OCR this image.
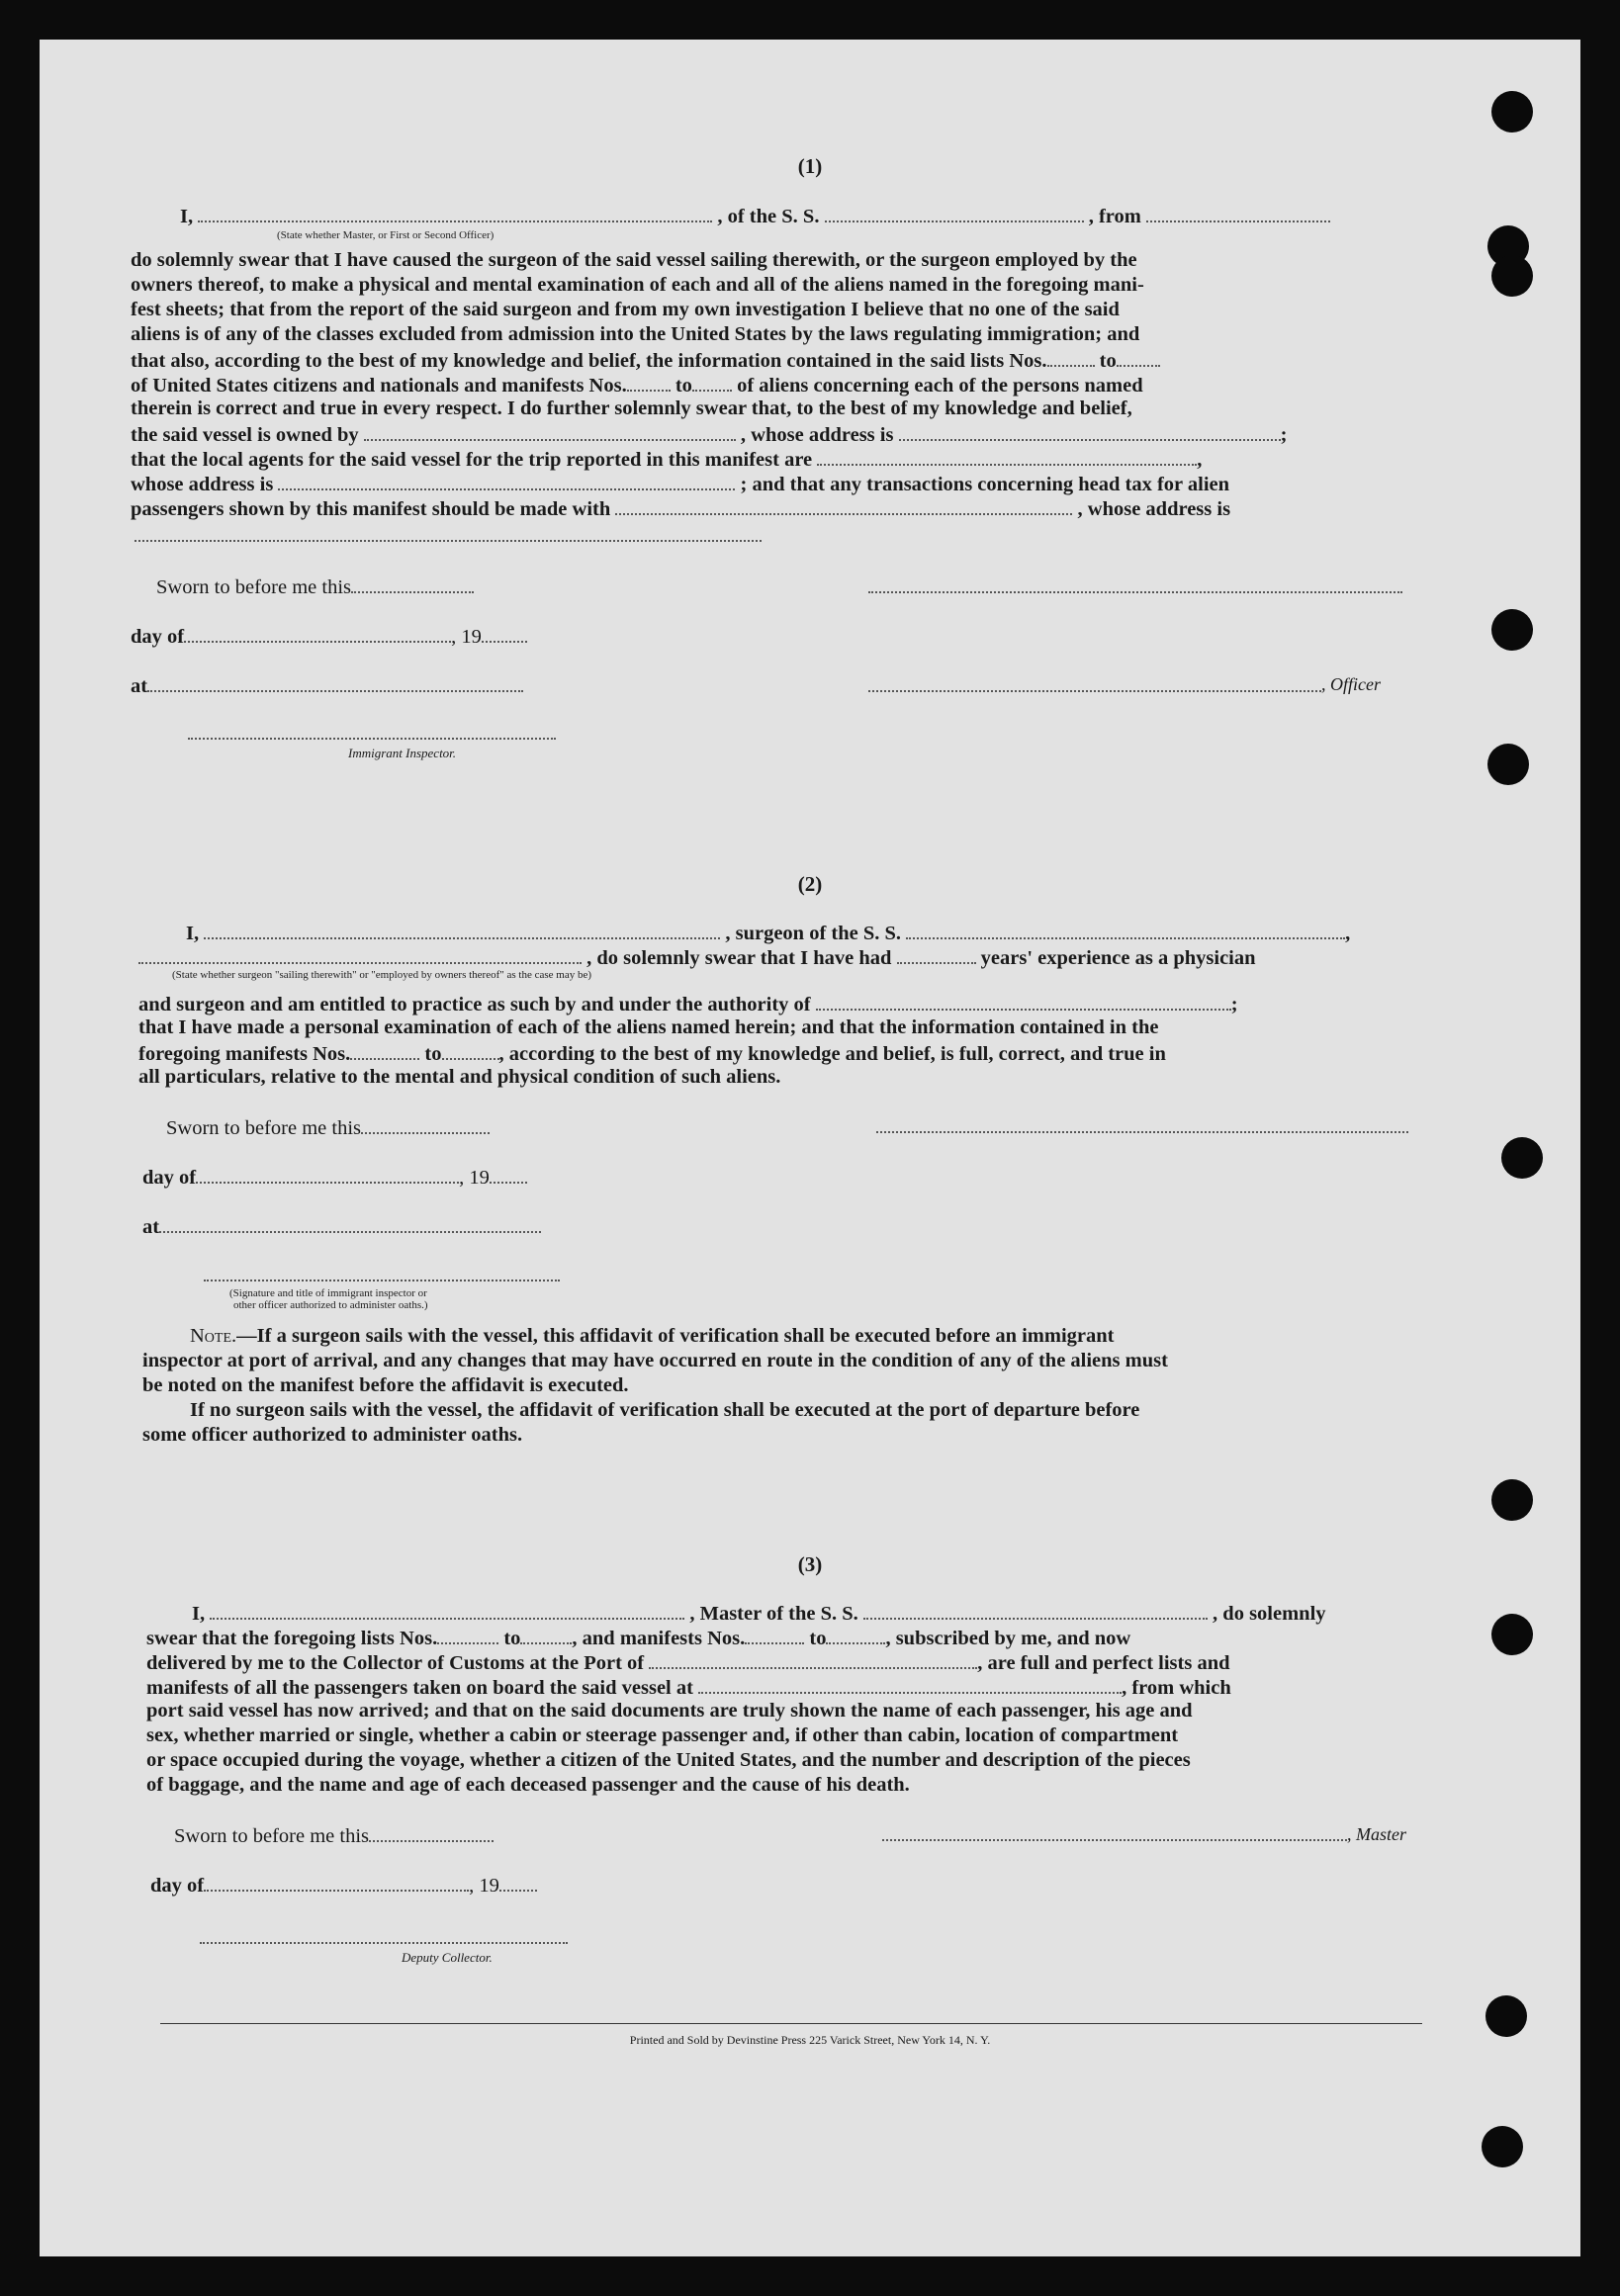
(1)
I,	, of the S. S.	, from
(State whether Master, or First or Second Officer)
do solemnly swear that I have caused the surgeon of the said vessel sailing therewith, or the surgeon employed by the
owners thereof, to make a physical and mental examination of each and all of the aliens named in the foregoing mani-
fest sheets; that from the report of the said surgeon and from my own investigation I believe that no one of the said
aliens is of any of the classes excluded from admission into the United States by the laws regulating immigration; and
that also, according to the best of my knowledge and belief, the information contained in the said lists Nos.	to
of United States citizens and nationals and manifests Nos. to of aliens concerning each of the persons named
therein is correct and true in every respect. I do further solemnly swear that, to the best of my knowledge and belief,
the said vessel is owned by	, whose address is	;
that the local agents for the said vessel for the trip reported in this manifest are	,
whose address is	; and that any transactions concerning head tax for alien
passengers shown by this manifest should be made with	, whose address is
Sworn to before me this
day of	, 19
at	, Officer
Immigrant Inspector.
(2)
I,	, surgeon of the S. S.	,
, do solemnly swear that I have had	years' experience as a physician
(State whether surgeon "sailing therewith" or "employed by owners thereof" as the case may be)
and surgeon and am entitled to practice as such by and under the authority of	;
that I have made a personal examination of each of the aliens named herein; and that the information contained in the
foregoing manifests Nos.	to	, according to the best of my knowledge and belief, is full, correct, and true in
all particulars, relative to the mental and physical condition of such aliens.
Sworn to before me this
day of	, 19
at
(Signature and title of immigrant inspector or
other officer authorized to administer oaths.)
Note.—If a surgeon sails with the vessel, this affidavit of verification shall be executed before an immigrant
inspector at port of arrival, and any changes that may have occurred en route in the condition of any of the aliens must
be noted on the manifest before the affidavit is executed.
If no surgeon sails with the vessel, the affidavit of verification shall be executed at the port of departure before
some officer authorized to administer oaths.
(3)
I,	, Master of the S. S.	, do solemnly
swear that the foregoing lists Nos.	to	, and manifests Nos.	to	, subscribed by me, and now
delivered by me to the Collector of Customs at the Port of	, are full and perfect lists and
manifests of all the passengers taken on board the said vessel at	, from which
port said vessel has now arrived; and that on the said documents are truly shown the name of each passenger, his age and
sex, whether married or single, whether a cabin or steerage passenger and, if other than cabin, location of compartment
or space occupied during the voyage, whether a citizen of the United States, and the number and description of the pieces
of baggage, and the name and age of each deceased passenger and the cause of his death.
Sworn to before me this	, Master
day of	, 19
Deputy Collector.
Printed and Sold by Devinstine Press 225 Varick Street, New York 14, N. Y.
